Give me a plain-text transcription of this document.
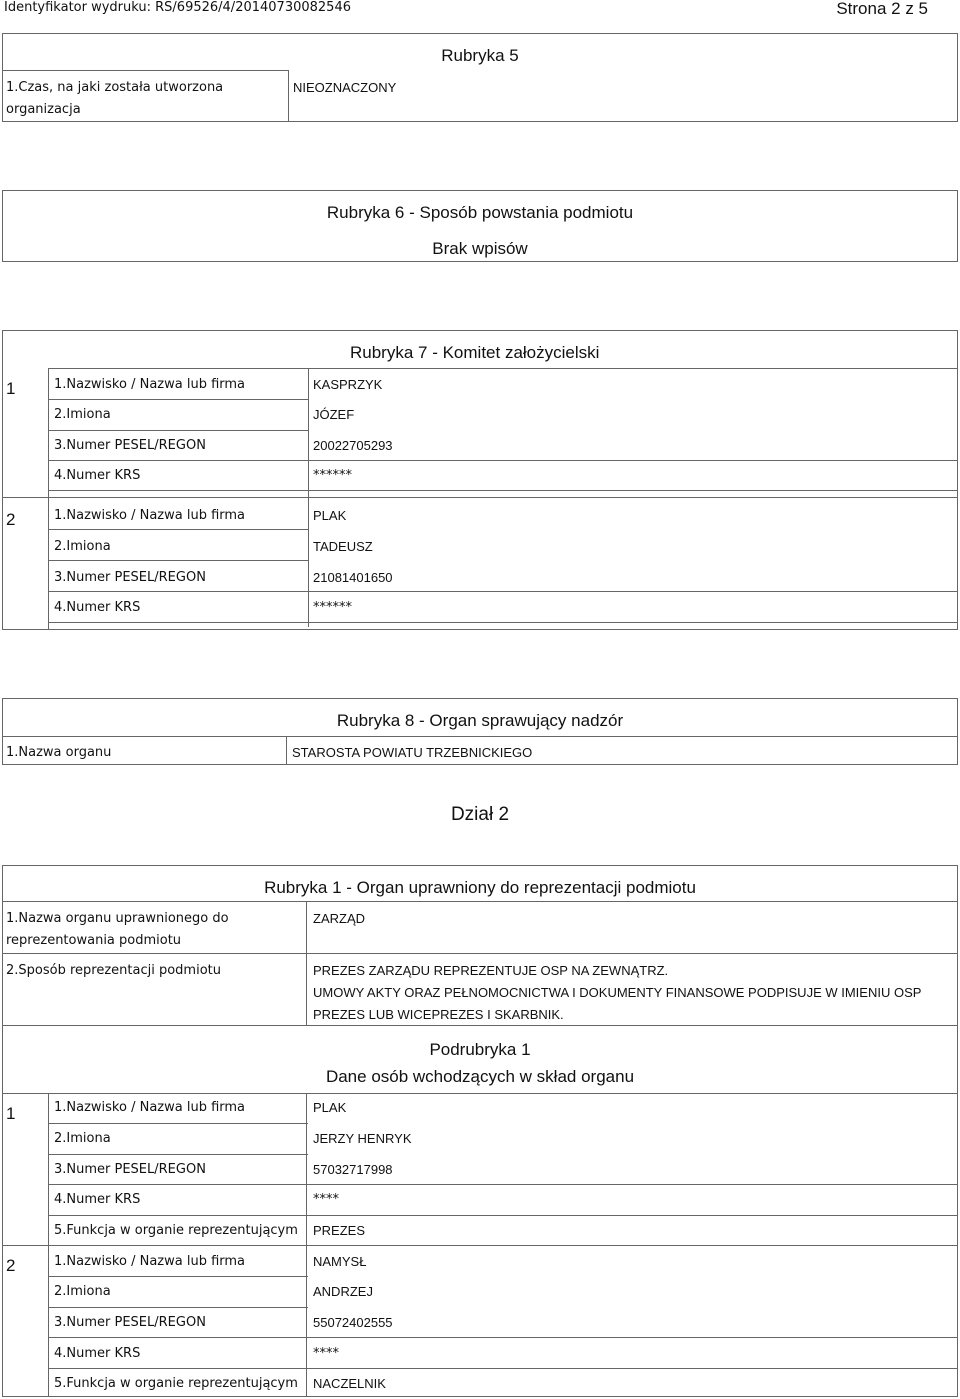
Identyfikator wydruku: RS/69526/4/20140730082546	Strona 2 z 5
Rubryka 5
1.Czas, na jaki została utworzona
organizacja
NIEOZNACZONY
Rubryka 6 - Sposób powstania podmiotu
Brak wpisów
Rubryka 7 - Komitet założycielski
1	1.Nazwisko / Nazwa lub firma	KASPRZYK
2.Imiona	JÓZEF
3.Numer PESEL/REGON	20022705293
4.Numer KRS	******
2	1.Nazwisko / Nazwa lub firma	PLAK
2.Imiona	TADEUSZ
3.Numer PESEL/REGON	21081401650
4.Numer KRS	******
Rubryka 8 - Organ sprawujący nadzór
1.Nazwa organu	STAROSTA POWIATU TRZEBNICKIEGO
Dział 2
Rubryka 1 - Organ uprawniony do reprezentacji podmiotu
1.Nazwa organu uprawnionego do
reprezentowania podmiotu
ZARZĄD
2.Sposób reprezentacji podmiotu	PREZES ZARZĄDU REPREZENTUJE OSP NA ZEWNĄTRZ.
UMOWY AKTY ORAZ PEŁNOMOCNICTWA I DOKUMENTY FINANSOWE PODPISUJE W IMIENIU OSP
PREZES LUB WICEPREZES I SKARBNIK.
Podrubryka 1
Dane osób wchodzących w skład organu
1	1.Nazwisko / Nazwa lub firma	PLAK
2.Imiona	JERZY HENRYK
3.Numer PESEL/REGON	57032717998
4.Numer KRS	****
5.Funkcja w organie reprezentującym PREZES
2	1.Nazwisko / Nazwa lub firma	NAMYSŁ
2.Imiona	ANDRZEJ
3.Numer PESEL/REGON	55072402555
4.Numer KRS	****
5.Funkcja w organie reprezentującym NACZELNIK
